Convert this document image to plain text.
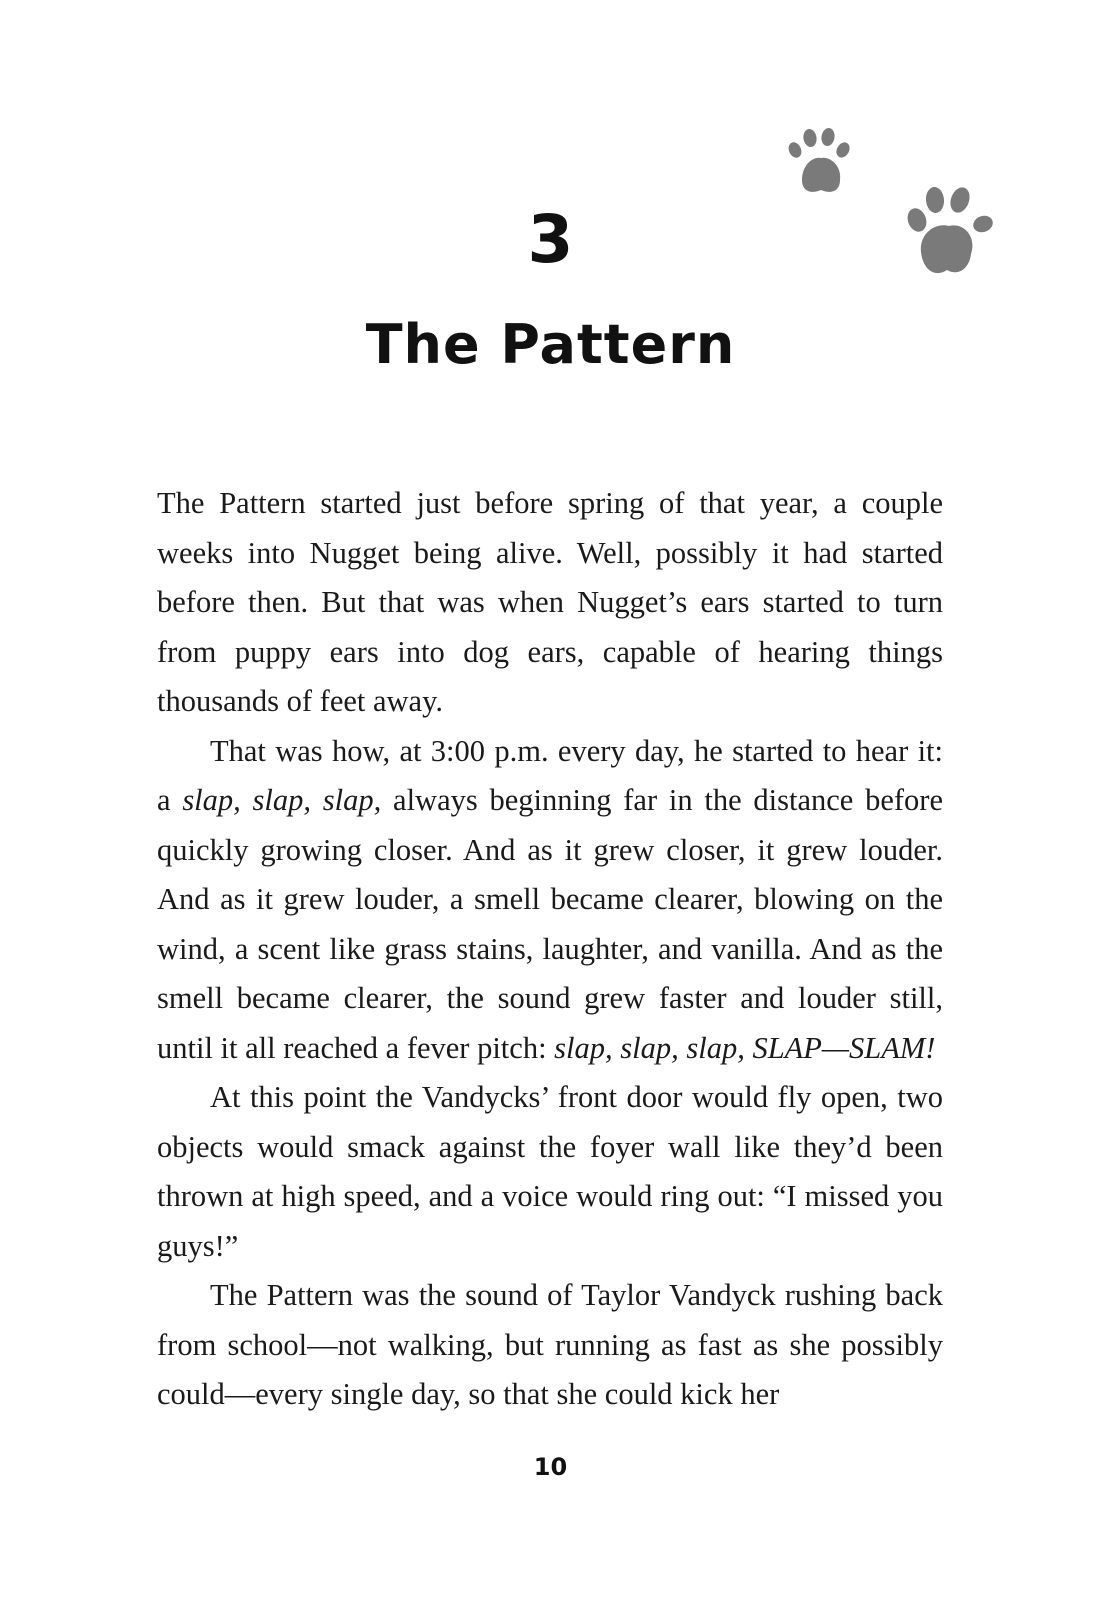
3
The Pattern

The Pattern started just before spring of that year, a couple weeks into Nugget being alive. Well, possibly it had started before then. But that was when Nugget’s ears started to turn from puppy ears into dog ears, capable of hearing things thousands of feet away.

That was how, at 3:00 p.m. every day, he started to hear it: a slap, slap, slap, always beginning far in the distance before quickly growing closer. And as it grew closer, it grew louder. And as it grew louder, a smell became clearer, blowing on the wind, a scent like grass stains, laughter, and vanilla. And as the smell became clearer, the sound grew faster and louder still, until it all reached a fever pitch: slap, slap, slap, SLAP—SLAM!

At this point the Vandycks’ front door would fly open, two objects would smack against the foyer wall like they’d been thrown at high speed, and a voice would ring out: “I missed you guys!”

The Pattern was the sound of Taylor Vandyck rushing back from school—not walking, but running as fast as she possibly could—every single day, so that she could kick her

10
